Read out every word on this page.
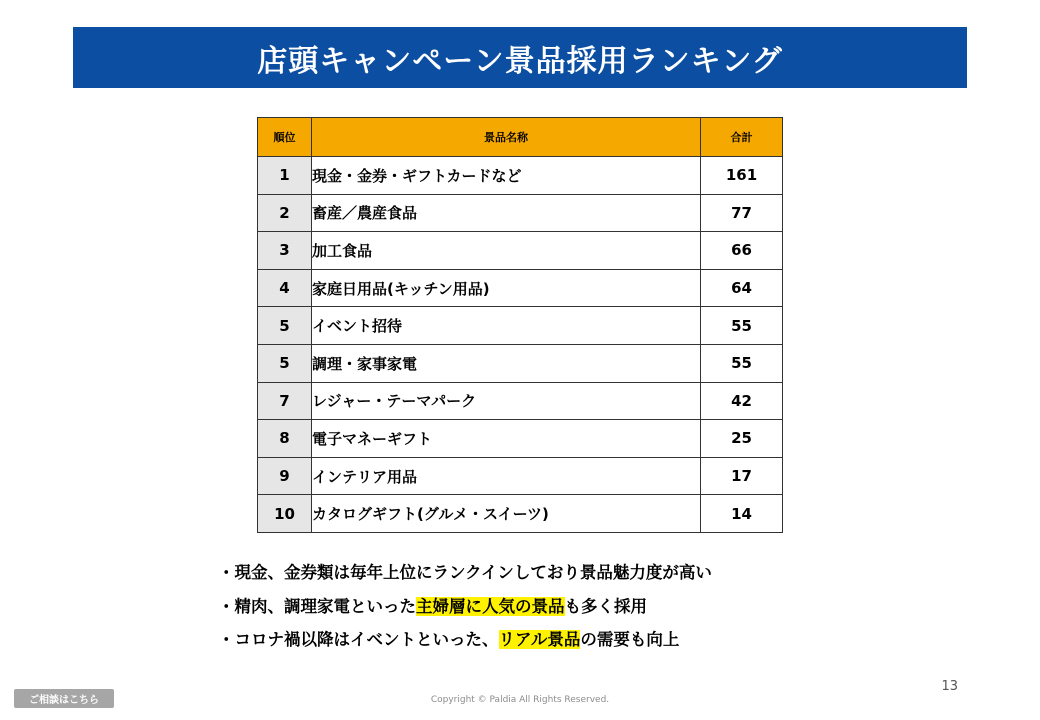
店頭キャンペーン景品採用ランキング
順位	景品名称	合計
1	現金・金券・ギフトカードなど	161
2	畜産／農産食品	77
3	加工食品	66
4	家庭日用品(キッチン用品)	64
5	イベント招待	55
5	調理・家事家電	55
7	レジャー・テーマパーク	42
8	電子マネーギフト	25
9	インテリア用品	17
10	カタログギフト(グルメ・スイーツ)	14
・現金、金券類は毎年上位にランクインしており景品魅力度が高い
・精肉、調理家電といった主婦層に人気の景品も多く採用
・コロナ禍以降はイベントといった、リアル景品の需要も向上
13
ご相談はこちら	Copyright © Paldia All Rights Reserved.
